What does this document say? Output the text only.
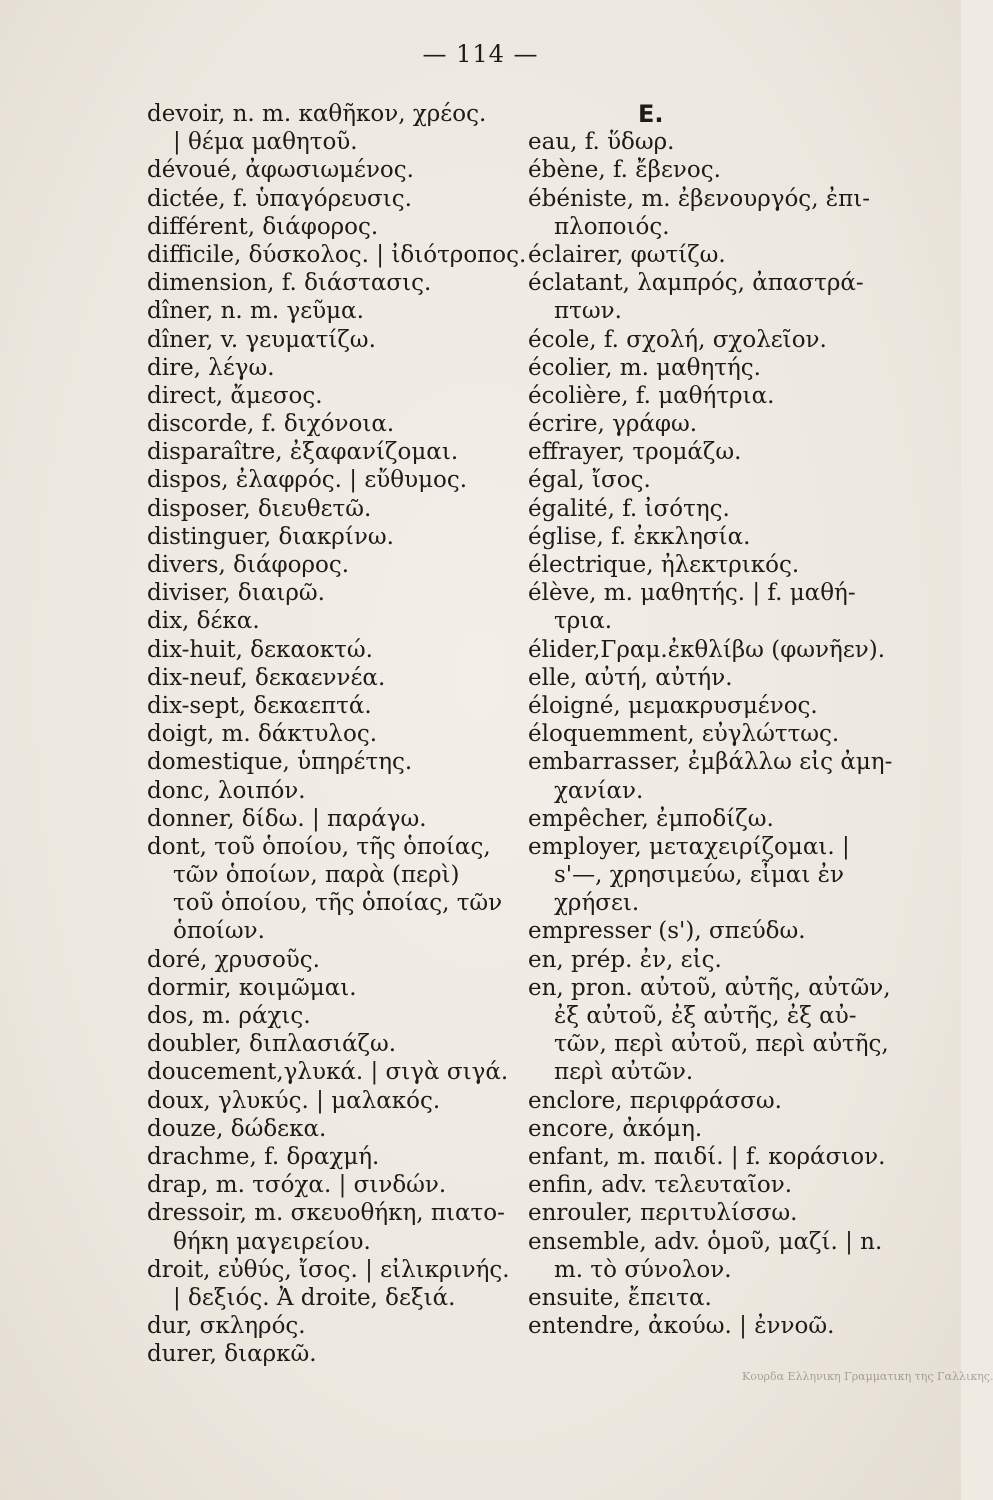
— 114 —
devoir, n. m. καθῆκον, χρέος.
| θέμα μαθητοῦ.
dévoué, ἀφωσιωμένος.
dictée, f. ὑπαγόρευσις.
différent, διάφορος.
difficile, δύσκολος. | ἰδιότροπος.
dimension, f. διάστασις.
dîner, n. m. γεῦμα.
dîner, v. γευματίζω.
dire, λέγω.
direct, ἄμεσος.
discorde, f. διχόνοια.
disparaître, ἐξαφανίζομαι.
dispos, ἐλαφρός. | εὔθυμος.
disposer, διευθετῶ.
distinguer, διακρίνω.
divers, διάφορος.
diviser, διαιρῶ.
dix, δέκα.
dix-huit, δεκαοκτώ.
dix-neuf, δεκαεννέα.
dix-sept, δεκαεπτά.
doigt, m. δάκτυλος.
domestique, ὑπηρέτης.
donc, λοιπόν.
donner, δίδω. | παράγω.
dont, τοῦ ὁποίου, τῆς ὁποίας,
τῶν ὁποίων, παρὰ (περὶ)
τοῦ ὁποίου, τῆς ὁποίας, τῶν
ὁποίων.
doré, χρυσοῦς.
dormir, κοιμῶμαι.
dos, m. ράχις.
doubler, διπλασιάζω.
doucement,γλυκά. | σιγὰ σιγά.
doux, γλυκύς. | μαλακός.
douze, δώδεκα.
drachme, f. δραχμή.
drap, m. τσόχα. | σινδών.
dressoir, m. σκευοθήκη, πιατο-
θήκη μαγειρείου.
droit, εὐθύς, ἴσος. | εἰλικρινής.
| δεξιός. Ἀ droite, δεξιά.
dur, σκληρός.
durer, διαρκῶ.
E.
eau, f. ὕδωρ.
ébène, f. ἔβενος.
ébéniste, m. ἐβενουργός, ἐπι-
πλοποιός.
éclairer, φωτίζω.
éclatant, λαμπρός, ἀπαστρά-
πτων.
école, f. σχολή, σχολεῖον.
écolier, m. μαθητής.
écolière, f. μαθήτρια.
écrire, γράφω.
effrayer, τρομάζω.
égal, ἴσος.
égalité, f. ἰσότης.
église, f. ἐκκλησία.
électrique, ἠλεκτρικός.
élève, m. μαθητής. | f. μαθή-
τρια.
élider,Γραμ.ἐκθλίβω (φωνῆεν).
elle, αὐτή, αὐτήν.
éloigné, μεμακρυσμένος.
éloquemment, εὐγλώττως.
embarrasser, ἐμβάλλω εἰς ἀμη-
χανίαν.
empêcher, ἐμποδίζω.
employer, μεταχειρίζομαι. |
s'—, χρησιμεύω, εἶμαι ἐν
χρήσει.
empresser (s'), σπεύδω.
en, prép. ἐν, εἰς.
en, pron. αὐτοῦ, αὐτῆς, αὐτῶν,
ἐξ αὐτοῦ, ἐξ αὐτῆς, ἐξ αὐ-
τῶν, περὶ αὐτοῦ, περὶ αὐτῆς,
περὶ αὐτῶν.
enclore, περιφράσσω.
encore, ἀκόμη.
enfant, m. παιδί. | f. κοράσιον.
enfin, adv. τελευταῖον.
enrouler, περιτυλίσσω.
ensemble, adv. ὁμοῦ, μαζί. | n.
m. τὸ σύνολον.
ensuite, ἔπειτα.
entendre, ἀκούω. | ἐννοῶ.
Κουρδα Ελληνικη Γραμματικη της Γαλλικης.
